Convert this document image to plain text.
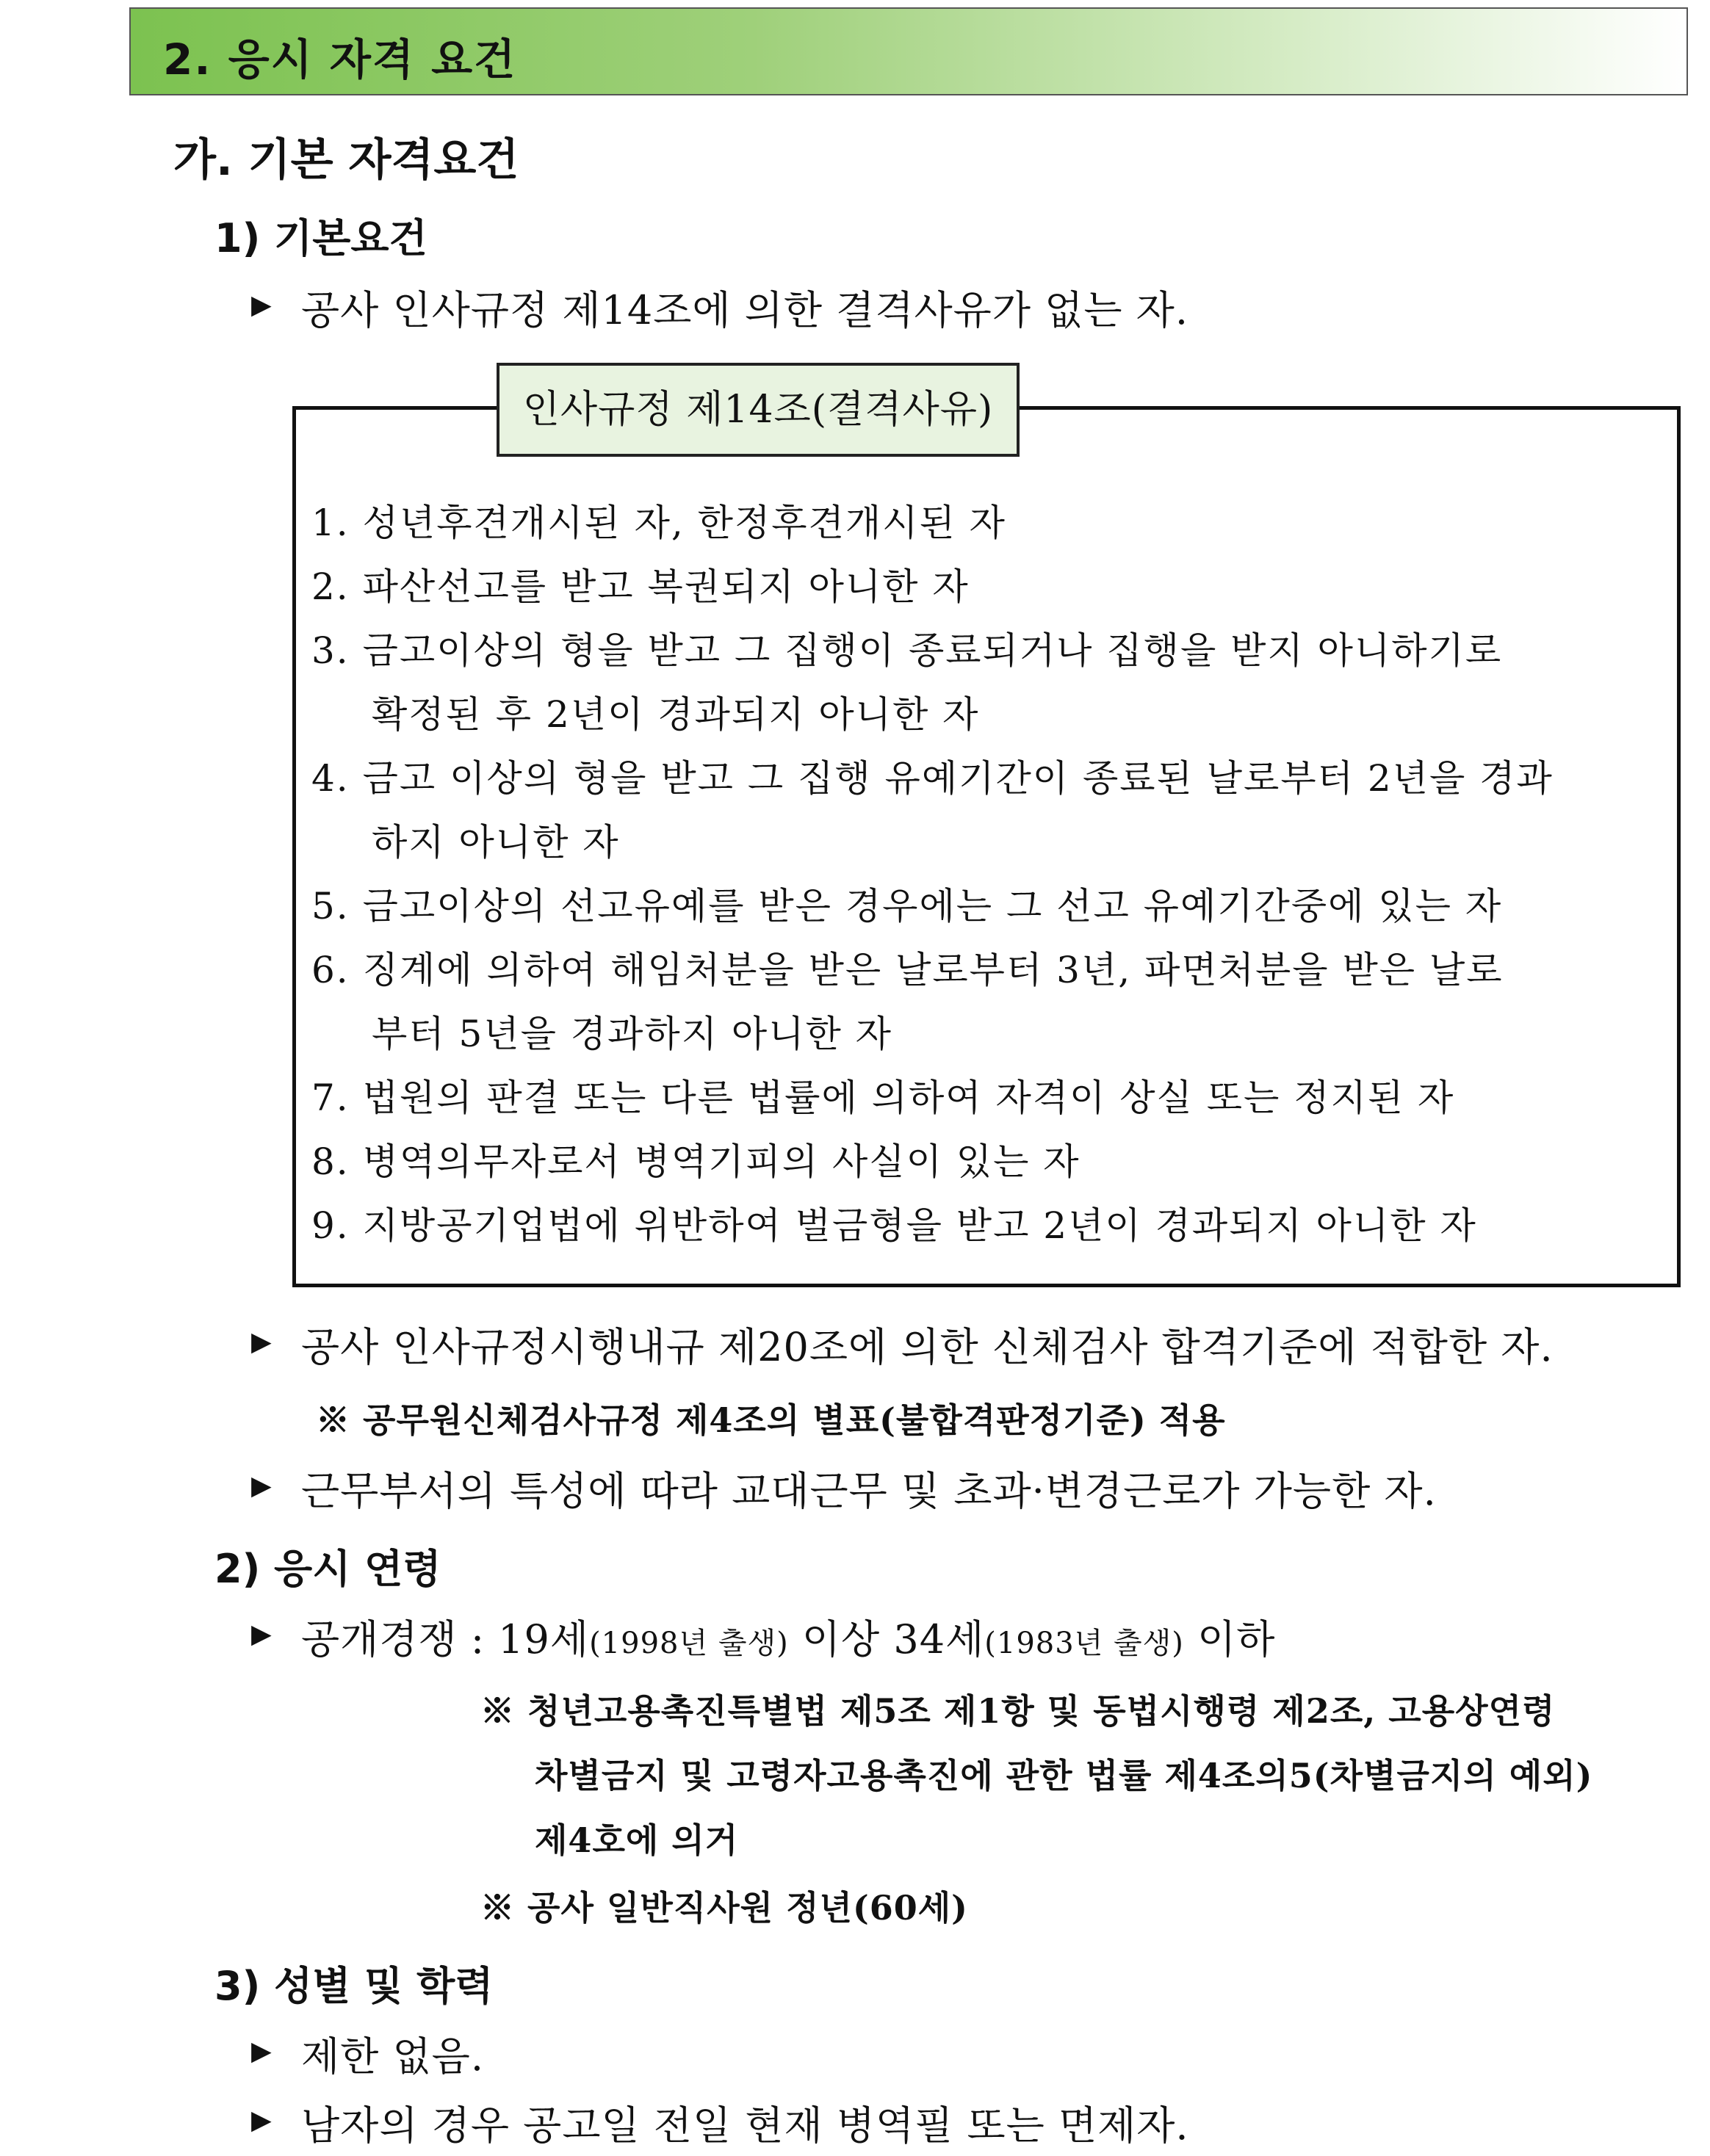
2. 응시 자격 요건
가. 기본 자격요건
1) 기본요건
▶ 공사 인사규정 제14조에 의한 결격사유가 없는 자.
인사규정 제14조(결격사유)
1. 성년후견개시된 자, 한정후견개시된 자
2. 파산선고를 받고 복권되지 아니한 자
3. 금고이상의 형을 받고 그 집행이 종료되거나 집행을 받지 아니하기로
확정된 후 2년이 경과되지 아니한 자
4. 금고 이상의 형을 받고 그 집행 유예기간이 종료된 날로부터 2년을 경과
하지 아니한 자
5. 금고이상의 선고유예를 받은 경우에는 그 선고 유예기간중에 있는 자
6. 징계에 의하여 해임처분을 받은 날로부터 3년, 파면처분을 받은 날로
부터 5년을 경과하지 아니한 자
7. 법원의 판결 또는 다른 법률에 의하여 자격이 상실 또는 정지된 자
8. 병역의무자로서 병역기피의 사실이 있는 자
9. 지방공기업법에 위반하여 벌금형을 받고 2년이 경과되지 아니한 자
▶ 공사 인사규정시행내규 제20조에 의한 신체검사 합격기준에 적합한 자.
※ 공무원신체검사규정 제4조의 별표(불합격판정기준) 적용
▶ 근무부서의 특성에 따라 교대근무 및 초과·변경근로가 가능한 자.
2) 응시 연령
▶ 공개경쟁 : 19세(1998년 출생) 이상 34세(1983년 출생) 이하
※ 청년고용촉진특별법 제5조 제1항 및 동법시행령 제2조, 고용상연령
차별금지 및 고령자고용촉진에 관한 법률 제4조의5(차별금지의 예외)
제4호에 의거
※ 공사 일반직사원 정년(60세)
3) 성별 및 학력
▶ 제한 없음.
▶ 남자의 경우 공고일 전일 현재 병역필 또는 면제자.
